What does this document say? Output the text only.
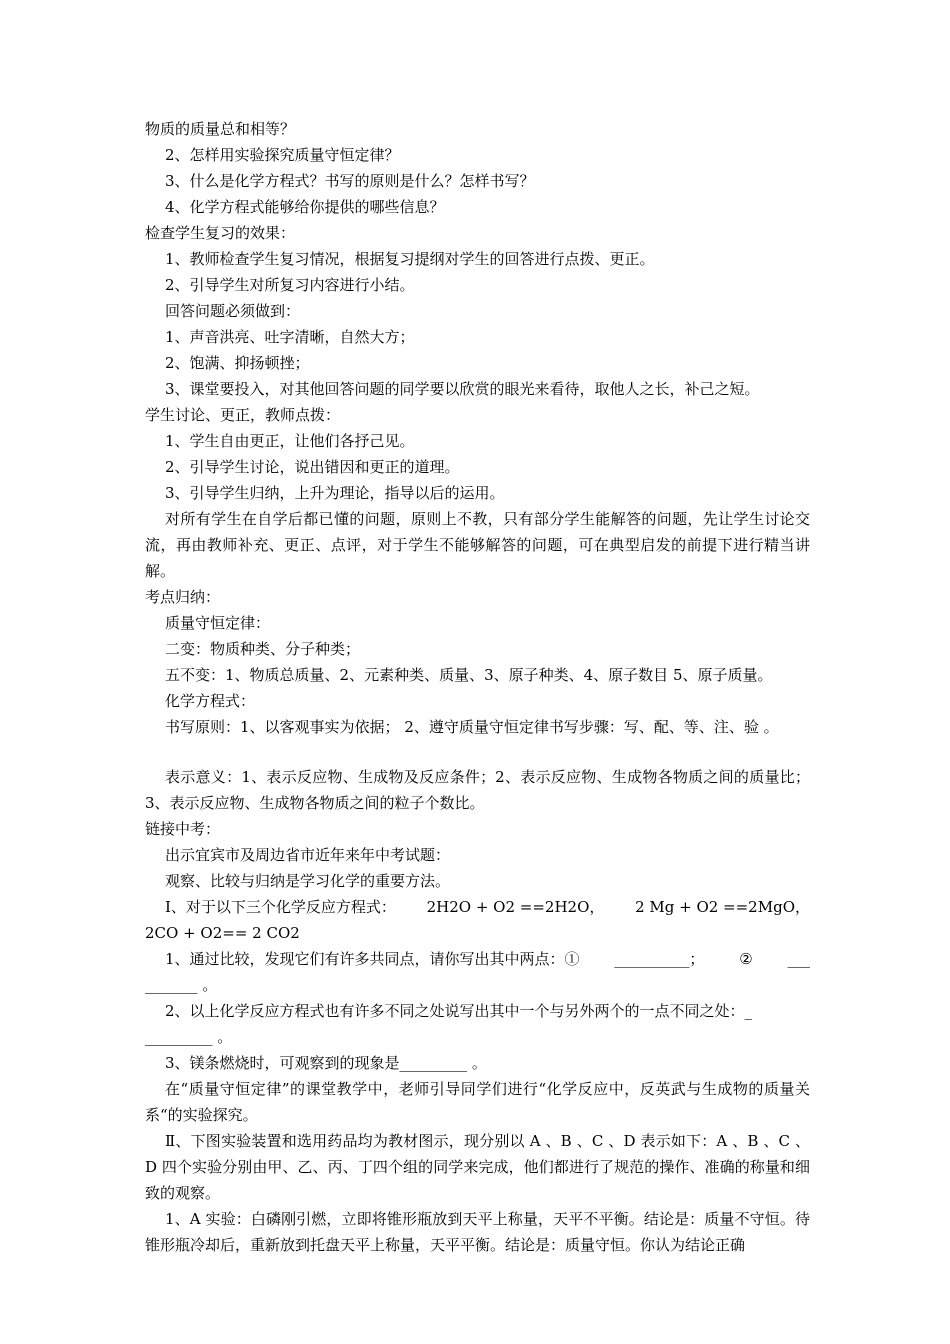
物质的质量总和相等？
2、怎样用实验探究质量守恒定律？
3、什么是化学方程式？书写的原则是什么？怎样书写？
4、化学方程式能够给你提供的哪些信息？
检查学生复习的效果：
1、教师检查学生复习情况，根据复习提纲对学生的回答进行点拨、更正。
2、引导学生对所复习内容进行小结。
回答问题必须做到：
1、声音洪亮、吐字清晰，自然大方；
2、饱满、抑扬顿挫；
3、课堂要投入，对其他回答问题的同学要以欣赏的眼光来看待，取他人之长，补己之短。
学生讨论、更正，教师点拨：
1、学生自由更正，让他们各抒己见。
2、引导学生讨论，说出错因和更正的道理。
3、引导学生归纳，上升为理论，指导以后的运用。
对所有学生在自学后都已懂的问题，原则上不教，只有部分学生能解答的问题，先让学生讨论交流，再由教师补充、更正、点评，对于学生不能够解答的问题，可在典型启发的前提下进行精当讲解。
考点归纳：
质量守恒定律：
二变：物质种类、分子种类；
五不变：1、物质总质量、2、元素种类、质量、3、原子种类、4、原子数目 5、原子质量。
化学方程式：
书写原则：1、以客观事实为依据； 2、遵守质量守恒定律书写步骤：写、配、等、注、验 。
表示意义：1、表示反应物、生成物及反应条件；2、表示反应物、生成物各物质之间的质量比；3、表示反应物、生成物各物质之间的粒子个数比。
链接中考：
出示宜宾市及周边省市近年来年中考试题：
观察、比较与归纳是学习化学的重要方法。
Ⅰ、对于以下三个化学反应方程式： 2H2O + O2 ==2H2O， 2 Mg + O2 ==2MgO，
2CO + O2== 2 CO2
1、通过比较，发现它们有许多共同点，请你写出其中两点：① __________； ② ___
_______ 。
2、以上化学反应方程式也有许多不同之处说写出其中一个与另外两个的一点不同之处：_
_________ 。
3、镁条燃烧时，可观察到的现象是_________ 。
在“质量守恒定律”的课堂教学中，老师引导同学们进行“化学反应中，反英武与生成物的质量关系“的实验探究。
Ⅱ、下图实验装置和选用药品均为教材图示，现分别以 A 、B 、C 、D 表示如下：A 、B 、C 、D 四个实验分别由甲、乙、丙、丁四个组的同学来完成，他们都进行了规范的操作、准确的称量和细致的观察。
1、A 实验：白磷刚引燃，立即将锥形瓶放到天平上称量，天平不平衡。结论是：质量不守恒。待锥形瓶冷却后，重新放到托盘天平上称量，天平平衡。结论是：质量守恒。你认为结论正确
